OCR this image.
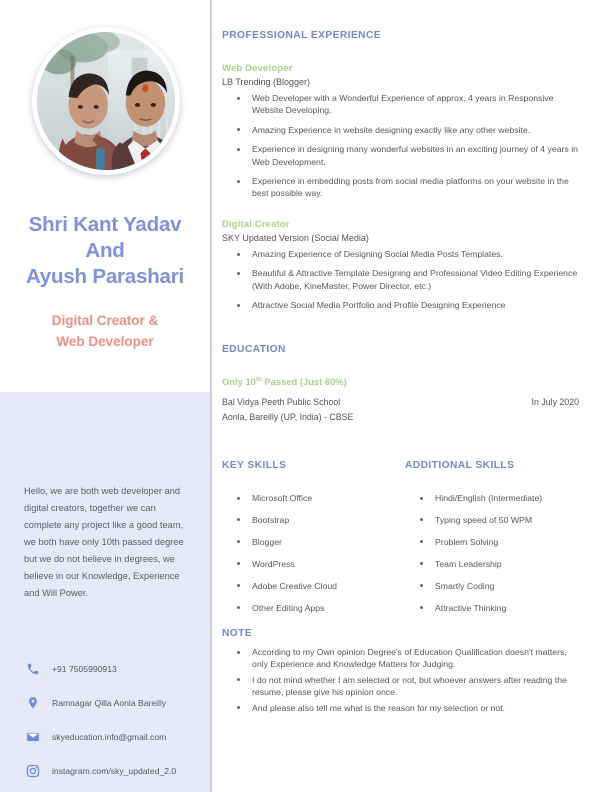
Shri Kant Yadav
And
Ayush Parashari
Digital Creator &
Web Developer
Hello, we are both web developer and digital creators, together we can complete any project like a good team, we both have only 10th passed degree but we do not believe in degrees, we believe in our Knowledge, Experience and Will Power.
+91 7505990913
Ramnagar Qilla Aonla Bareilly
skyeducation.info@gmail.com
instagram.com/sky_updated_2.0
PROFESSIONAL EXPERIENCE
Web Developer
LB Trending (Blogger)
Web Developer with a Wonderful Experience of approx. 4 years in Responsive Website Developing.
Amazing Experience in website designing exactly like any other website.
Experience in designing many wonderful websites in an exciting journey of 4 years in Web Development.
Experience in embedding posts from social media platforms on your website in the best possible way.
Digital Creator
SKY Updated Version (Social Media)
Amazing Experience of Designing Social Media Posts Templates.
Beautiful & Attractive Template Designing and Professional Video Editing Experience (With Adobe, KineMaster, Power Director, etc.)
Attractive Social Media Portfolio and Profile Designing Experience
EDUCATION
Only 10th Passed (Just 60%)
Bal Vidya Peeth Public School	In July 2020
Aonla, Bareilly (UP, India) - CBSE
KEY SKILLS	ADDITIONAL SKILLS
Microsoft Office
Bootstrap
Blogger
WordPress
Adobe Creative Cloud
Other Editing Apps
Hindi/English (Intermediate)
Typing speed of 50 WPM
Problem Solving
Team Leadership
Smartly Coding
Attractive Thinking
NOTE
According to my Own opinion Degree's of Education Qualification doesn't matters, only Experience and Knowledge Matters for Judging.
I do not mind whether I am selected or not, but whoever answers after reading the resume, please give his opinion once.
And please also tell me what is the reason for my selection or not.
